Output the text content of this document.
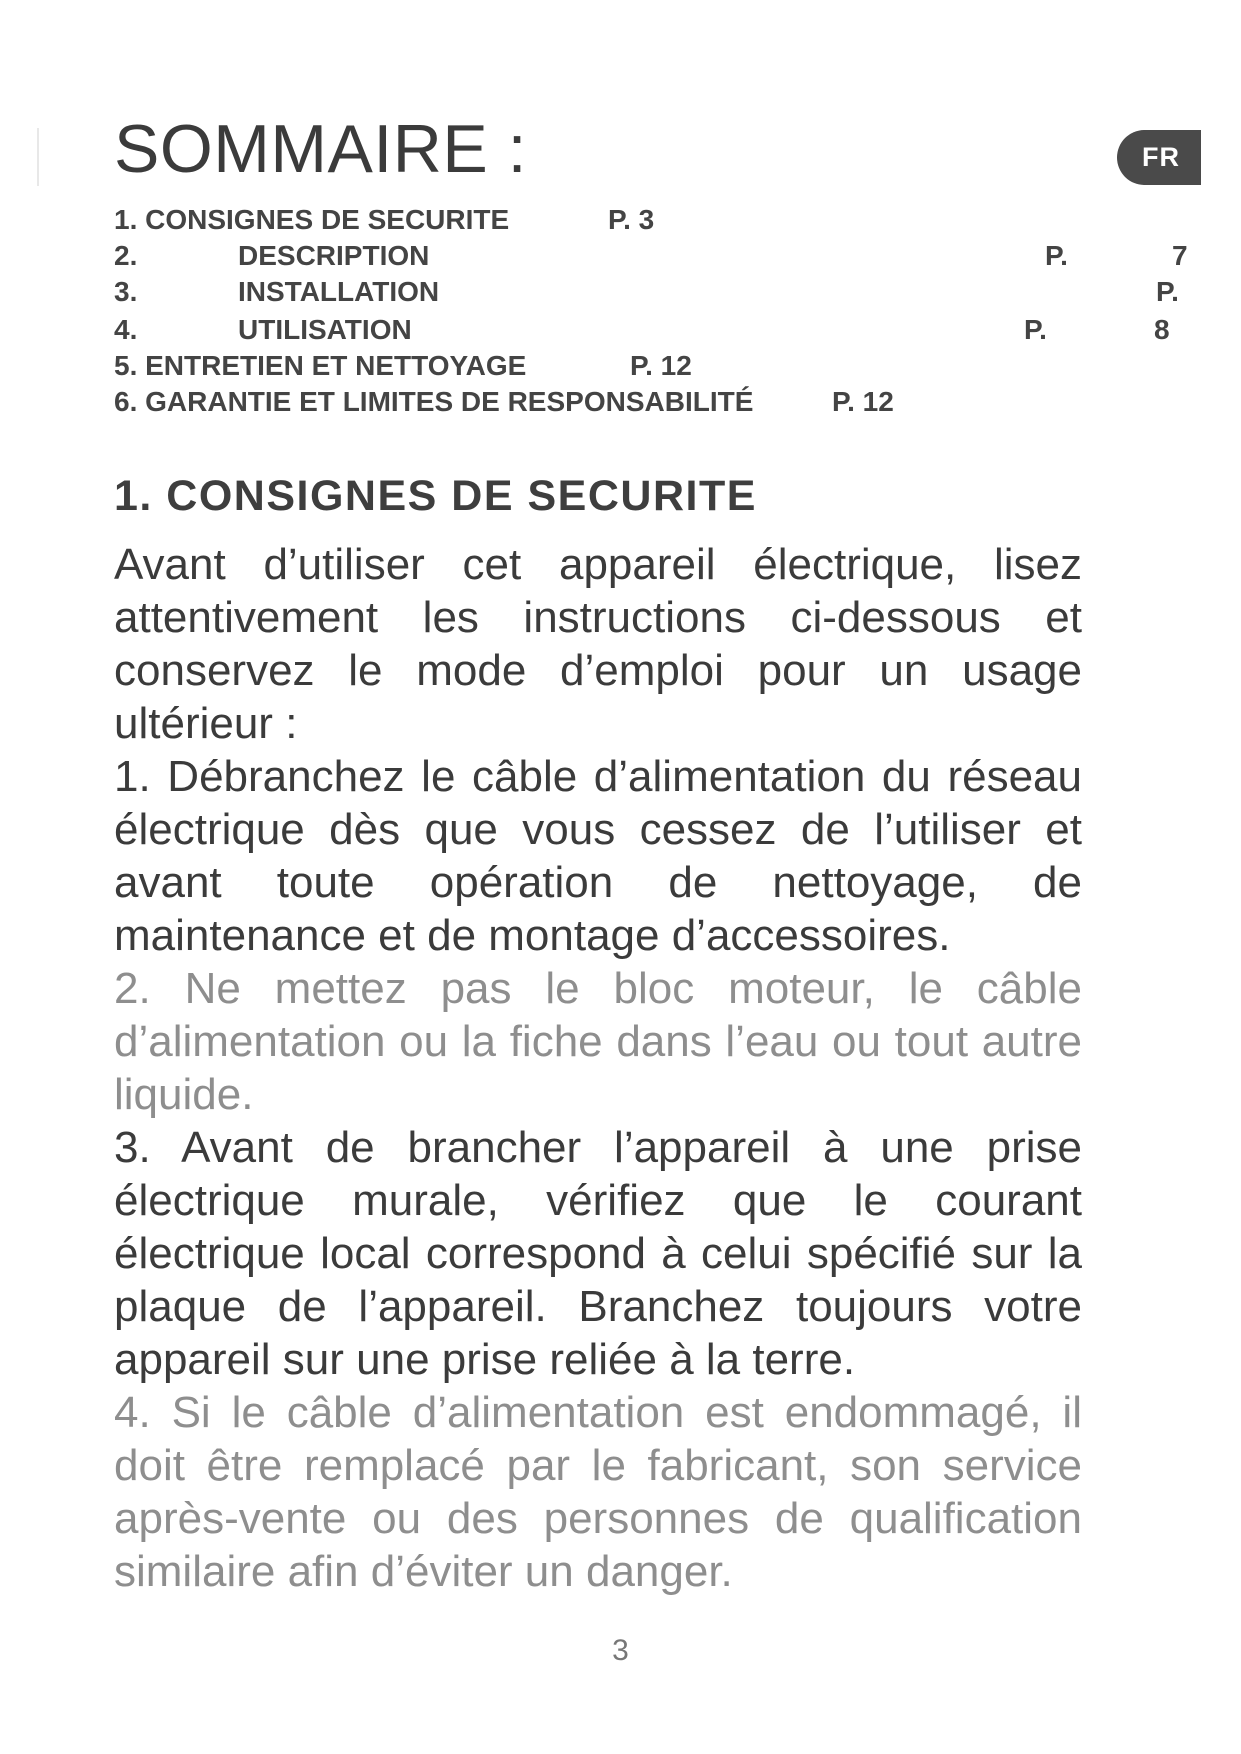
SOMMAIRE :	FR
1. CONSIGNES DE SECURITE	P. 3
2.	DESCRIPTION	P.	7
3.	INSTALLATION	P.
4.	UTILISATION	P.	8
5. ENTRETIEN ET NETTOYAGE	P. 12
6. GARANTIE ET LIMITES DE RESPONSABILITÉ	P. 12
1. CONSIGNES DE SECURITE

Avant d’utiliser cet appareil électrique, lisez attentivement les instructions ci-dessous et conservez le mode d’emploi pour un usage ultérieur :

1. Débranchez le câble d’alimentation du réseau électrique dès que vous cessez de l’utiliser et avant toute opération de nettoyage, de maintenance et de montage d’accessoires.

2. Ne mettez pas le bloc moteur, le câble d’alimentation ou la fiche dans l’eau ou tout autre liquide.

3. Avant de brancher l’appareil à une prise électrique murale, vérifiez que le courant électrique local correspond à celui spécifié sur la plaque de l’appareil. Branchez toujours votre appareil sur une prise reliée à la terre.

4. Si le câble d’alimentation est endommagé, il doit être remplacé par le fabricant, son service après-vente ou des personnes de qualification similaire afin d’éviter un danger.

3
